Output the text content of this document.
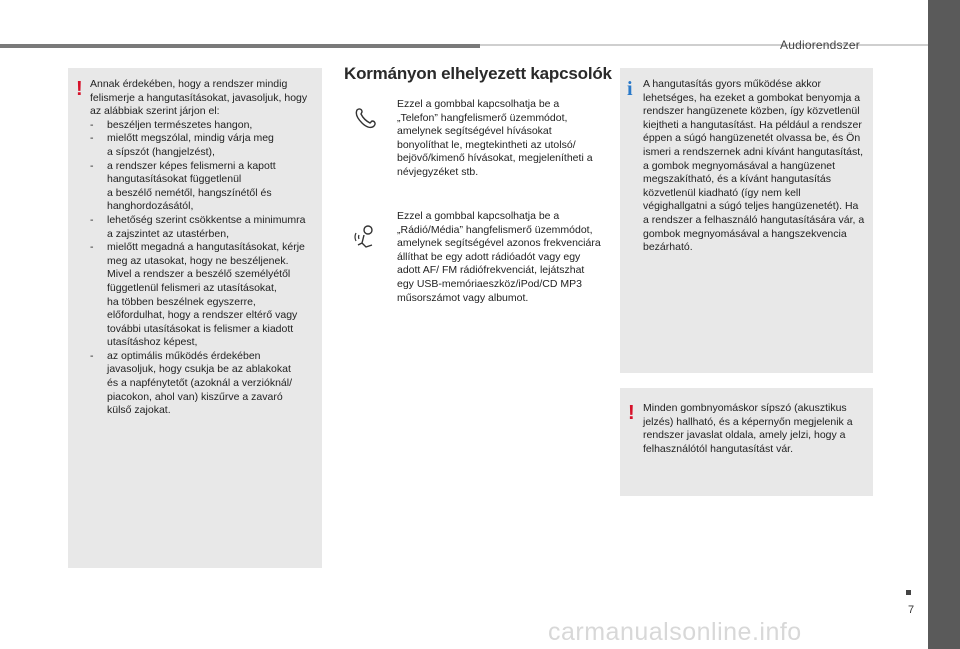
Audiorendszer
! Annak érdekében, hogy a rendszer mindig felismerje a hangutasításokat, javasoljuk, hogy az alábbiak szerint járjon el:
- beszéljen természetes hangon,
- mielőtt megszólal, mindig várja meg
a sípszót (hangjelzést),
- a rendszer képes felismerni a kapott
hangutasításokat függetlenül
a beszélő nemétől, hangszínétől és
hanghordozásától,
- lehetőség szerint csökkentse a minimumra
a zajszintet az utastérben,
- mielőtt megadná a hangutasításokat, kérje
meg az utasokat, hogy ne beszéljenek.
Mivel a rendszer a beszélő személyétől
függetlenül felismeri az utasításokat,
ha többen beszélnek egyszerre,
előfordulhat, hogy a rendszer eltérő vagy
további utasításokat is felismer a kiadott
utasításhoz képest,
- az optimális működés érdekében
javasoljuk, hogy csukja be az ablakokat
és a napfénytetőt (azoknál a verzióknál/
piacokon, ahol van) kiszűrve a zavaró
külső zajokat.
Kormányon elhelyezett kapcsolók
Ezzel a gombbal kapcsolhatja be a „Telefon” hangfelismerő üzemmódot, amelynek segítségével hívásokat bonyolíthat le, megtekintheti az utolsó/ bejövő/kimenő hívásokat, megjelenítheti a névjegyzéket stb.
Ezzel a gombbal kapcsolhatja be a „Rádió/Média” hangfelismerő üzemmódot, amelynek segítségével azonos frekvenciára állíthat be egy adott rádióadót vagy egy adott AF/ FM rádiófrekvenciát, lejátszhat egy USB-memóriaeszköz/iPod/CD MP3 műsorszámot vagy albumot.
i A hangutasítás gyors működése akkor lehetséges, ha ezeket a gombokat benyomja a rendszer hangüzenete közben, így közvetlenül kiejtheti a hangutasítást. Ha például a rendszer éppen a súgó hangüzenetét olvassa be, és Ön ismeri a rendszernek adni kívánt hangutasítást, a gombok megnyomásával a hangüzenet megszakítható, és a kívánt hangutasítás közvetlenül kiadható (így nem kell végighallgatni a súgó teljes hangüzenetét). Ha a rendszer a felhasználó hangutasítására vár, a gombok megnyomásával a hangszekvencia bezárható.
! Minden gombnyomáskor sípszó (akusztikus jelzés) hallható, és a képernyőn megjelenik a rendszer javaslat oldala, amely jelzi, hogy a felhasználótól hangutasítást vár.
7
carmanualsonline.info
